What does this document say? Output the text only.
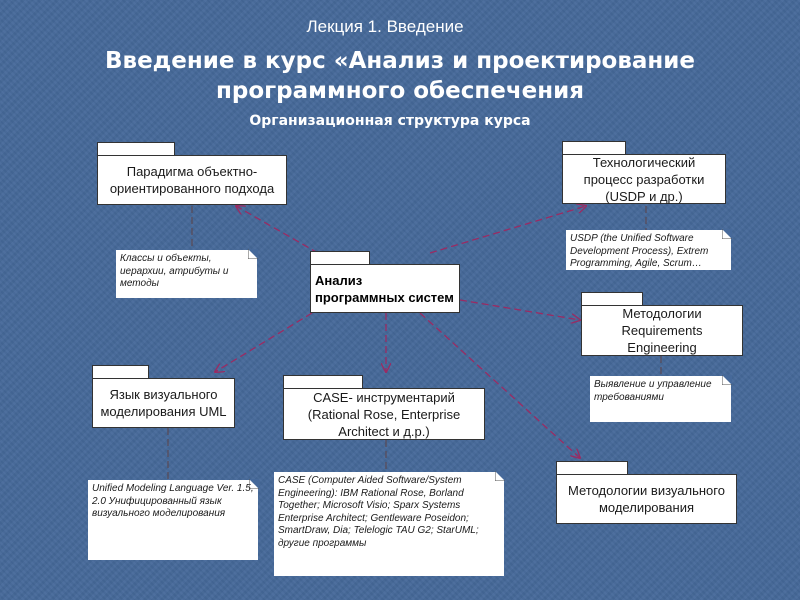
Лекция 1. Введение
Введение в курс «Анализ и проектирование программного обеспечения
Организационная структура курса
Парадигма объектно-ориентированного подхода
Технологический процесс разработки (USDP и др.)
Анализ программных систем
Методологии Requirements Engineering
Язык визуального моделирования UML
CASE- инструментарий (Rational Rose, Enterprise Architect и д.р.)
Методологии визуального моделирования
Классы и объекты, иерархии, атрибуты и методы
USDP (the Unified Software Development Process), Extrem Programming, Agile, Scrum…
Выявление и управление требованиями
Unified Modeling Language Ver. 1.5, 2.0 Унифицированный язык визуального моделирования
CASE (Computer Aided Software/System Engineering): IBM Rational Rose, Borland Together; Microsoft Visio; Sparx Systems Enterprise Architect; Gentleware Poseidon; SmartDraw, Dia; Telelogic TAU G2; StarUML; другие программы
